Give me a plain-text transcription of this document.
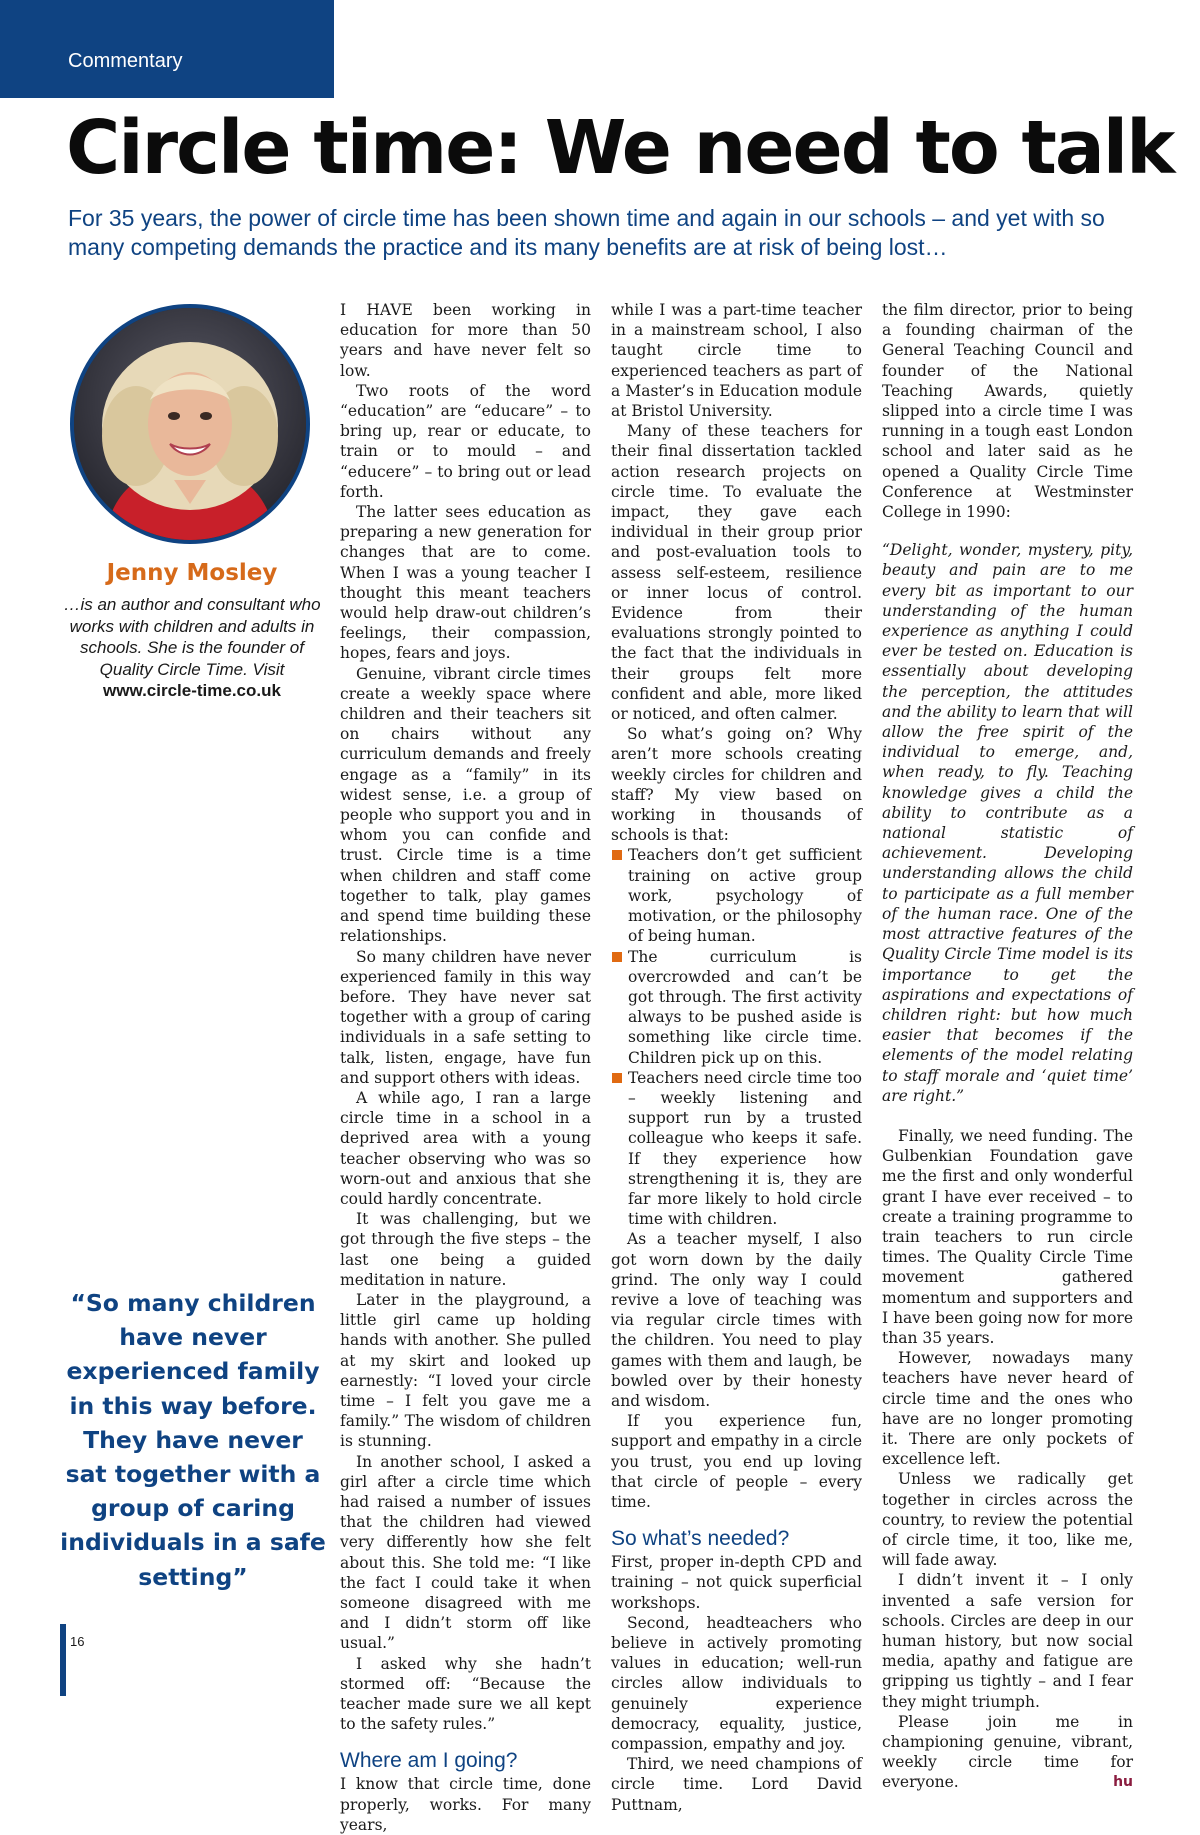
Commentary
Circle time: We need to talk

For 35 years, the power of circle time has been shown time and again in our schools – and yet with so many competing demands the practice and its many benefits are at risk of being lost…

Jenny Mosley

…is an author and consultant who works with children and adults in schools. She is the founder of Quality Circle Time. Visit www.circle-time.co.uk

“So many children have never experienced family in this way before. They have never sat together with a group of caring individuals in a safe setting”

16

I HAVE been working in education for more than 50 years and have never felt so low.

Two roots of the word “education” are “educare” – to bring up, rear or educate, to train or to mould – and “educere” – to bring out or lead forth.

The latter sees education as preparing a new generation for changes that are to come. When I was a young teacher I thought this meant teachers would help draw-out children’s feelings, their compassion, hopes, fears and joys.

Genuine, vibrant circle times create a weekly space where children and their teachers sit on chairs without any curriculum demands and freely engage as a “family” in its widest sense, i.e. a group of people who support you and in whom you can confide and trust. Circle time is a time when children and staff come together to talk, play games and spend time building these relationships.

So many children have never experienced family in this way before. They have never sat together with a group of caring individuals in a safe setting to talk, listen, engage, have fun and support others with ideas.

A while ago, I ran a large circle time in a school in a deprived area with a young teacher observing who was so worn-out and anxious that she could hardly concentrate.

It was challenging, but we got through the five steps – the last one being a guided meditation in nature.

Later in the playground, a little girl came up holding hands with another. She pulled at my skirt and looked up earnestly: “I loved your circle time – I felt you gave me a family.” The wisdom of children is stunning.

In another school, I asked a girl after a circle time which had raised a number of issues that the children had viewed very differently how she felt about this. She told me: “I like the fact I could take it when someone disagreed with me and I didn’t storm off like usual.”

I asked why she hadn’t stormed off: “Because the teacher made sure we all kept to the safety rules.”

Where am I going?

I know that circle time, done properly, works. For many years,

while I was a part-time teacher in a mainstream school, I also taught circle time to experienced teachers as part of a Master’s in Education module at Bristol University.

Many of these teachers for their final dissertation tackled action research projects on circle time. To evaluate the impact, they gave each individual in their group prior and post-evaluation tools to assess self-esteem, resilience or inner locus of control. Evidence from their evaluations strongly pointed to the fact that the individuals in their groups felt more confident and able, more liked or noticed, and often calmer.

So what’s going on? Why aren’t more schools creating weekly circles for children and staff? My view based on working in thousands of schools is that:

Teachers don’t get sufficient training on active group work, psychology of motivation, or the philosophy of being human.
The curriculum is overcrowded and can’t be got through. The first activity always to be pushed aside is something like circle time. Children pick up on this.
Teachers need circle time too – weekly listening and support run by a trusted colleague who keeps it safe. If they experience how strengthening it is, they are far more likely to hold circle time with children.

As a teacher myself, I also got worn down by the daily grind. The only way I could revive a love of teaching was via regular circle times with the children. You need to play games with them and laugh, be bowled over by their honesty and wisdom.

If you experience fun, support and empathy in a circle you trust, you end up loving that circle of people – every time.

So what’s needed?

First, proper in-depth CPD and training – not quick superficial workshops.

Second, headteachers who believe in actively promoting values in education; well-run circles allow individuals to genuinely experience democracy, equality, justice, compassion, empathy and joy.

Third, we need champions of circle time. Lord David Puttnam,

the film director, prior to being a founding chairman of the General Teaching Council and founder of the National Teaching Awards, quietly slipped into a circle time I was running in a tough east London school and later said as he opened a Quality Circle Time Conference at Westminster College in 1990:

“Delight, wonder, mystery, pity, beauty and pain are to me every bit as important to our understanding of the human experience as anything I could ever be tested on. Education is essentially about developing the perception, the attitudes and the ability to learn that will allow the free spirit of the individual to emerge, and, when ready, to fly. Teaching knowledge gives a child the ability to contribute as a national statistic of achievement. Developing understanding allows the child to participate as a full member of the human race. One of the most attractive features of the Quality Circle Time model is its importance to get the aspirations and expectations of children right: but how much easier that becomes if the elements of the model relating to staff morale and ‘quiet time’ are right.”

Finally, we need funding. The Gulbenkian Foundation gave me the first and only wonderful grant I have ever received – to create a training programme to train teachers to run circle times. The Quality Circle Time movement gathered momentum and supporters and I have been going now for more than 35 years.

However, nowadays many teachers have never heard of circle time and the ones who have are no longer promoting it. There are only pockets of excellence left.

Unless we radically get together in circles across the country, to review the potential of circle time, it too, like me, will fade away.

I didn’t invent it – I only invented a safe version for schools. Circles are deep in our human history, but now social media, apathy and fatigue are gripping us tightly – and I fear they might triumph.

Please join me in championing genuine, vibrant, weekly circle time for everyone.	hu
